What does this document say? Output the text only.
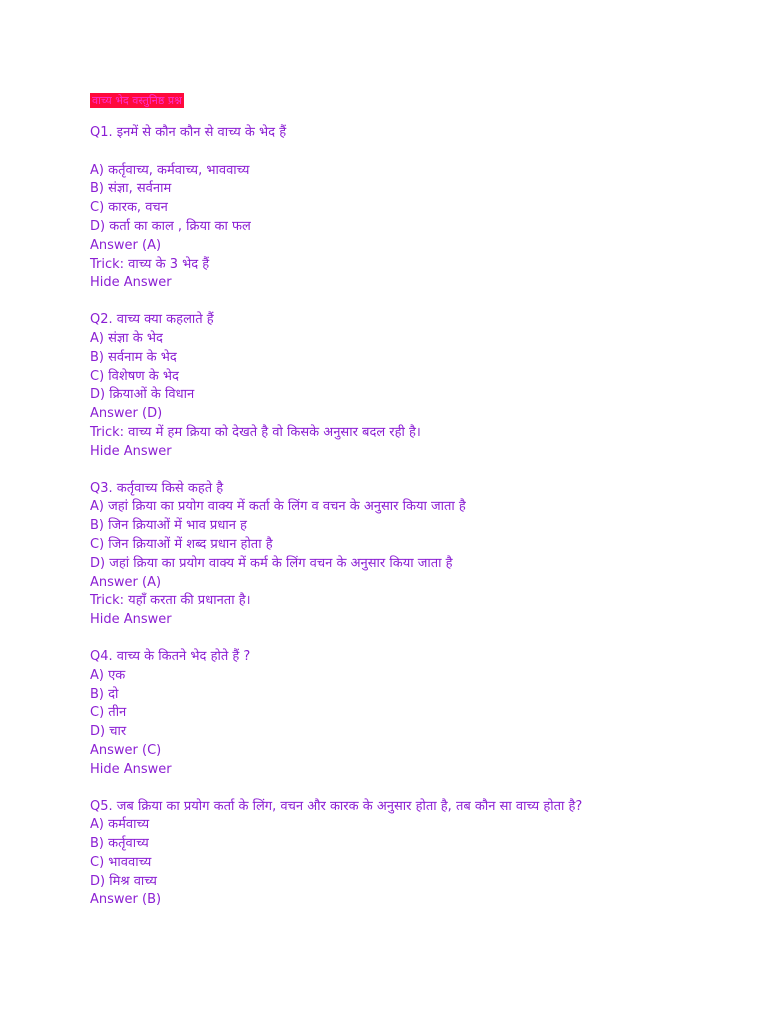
वाच्य भेद वस्तुनिष्ठ प्रश्न
Q1. इनमें से कौन कौन से वाच्य के भेद हैं
A) कर्तृवाच्य, कर्मवाच्य, भाववाच्य
B) संज्ञा, सर्वनाम
C) कारक, वचन
D) कर्ता का काल , क्रिया का फल
Answer (A)
Trick: वाच्य के 3 भेद हैं
Hide Answer
Q2. वाच्य क्या कहलाते हैं
A) संज्ञा के भेद
B) सर्वनाम के भेद
C) विशेषण के भेद
D) क्रियाओं के विधान
Answer (D)
Trick: वाच्य में हम क्रिया को देखते है वो किसके अनुसार बदल रही है।
Hide Answer
Q3. कर्तृवाच्य किसे कहते है
A) जहां क्रिया का प्रयोग वाक्य में कर्ता के लिंग व वचन के अनुसार किया जाता है
B) जिन क्रियाओं में भाव प्रधान ह
C) जिन क्रियाओं में शब्द प्रधान होता है
D) जहां क्रिया का प्रयोग वाक्य में कर्म के लिंग वचन के अनुसार किया जाता है
Answer (A)
Trick: यहाँ करता की प्रधानता है।
Hide Answer
Q4. वाच्य के कितने भेद होते हैं ?
A) एक
B) दो
C) तीन
D) चार
Answer (C)
Hide Answer
Q5. जब क्रिया का प्रयोग कर्ता के लिंग, वचन और कारक के अनुसार होता है, तब कौन सा वाच्य होता है?
A) कर्मवाच्य
B) कर्तृवाच्य
C) भाववाच्य
D) मिश्र वाच्य
Answer (B)
